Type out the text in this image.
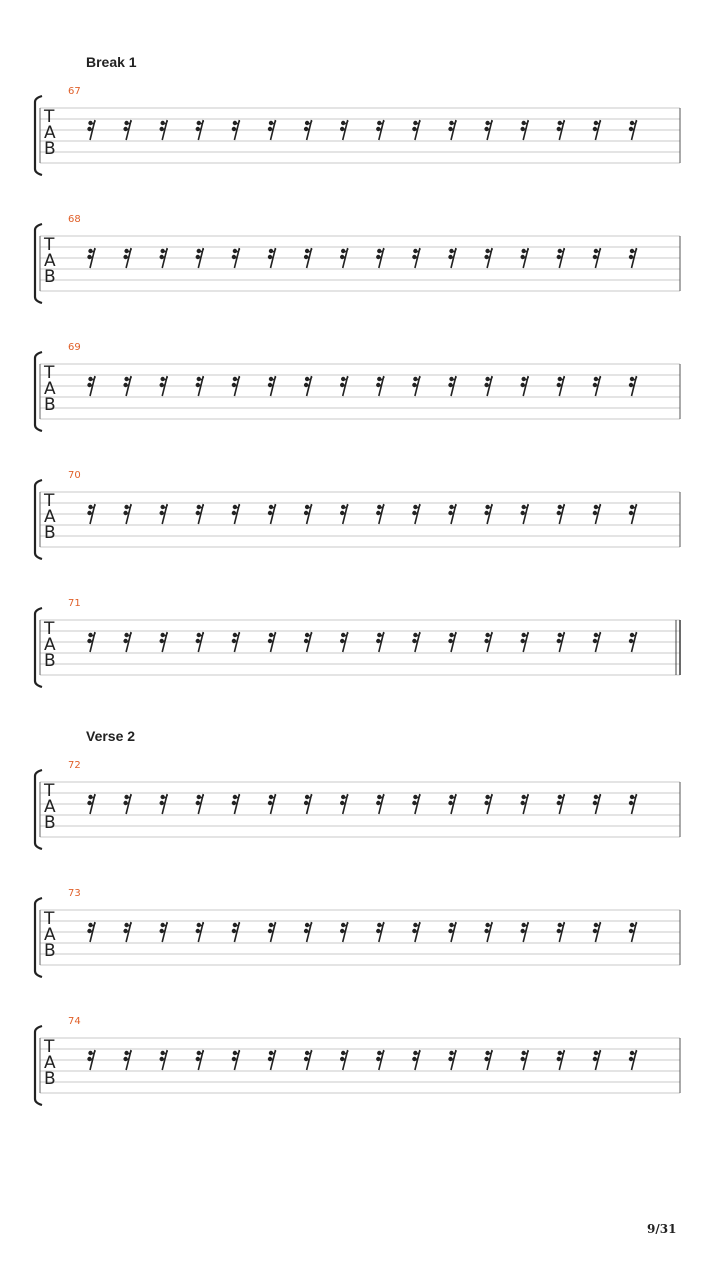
Break 1
Verse 2
67
T
A
B
68
T
A
B
69
T
A
B
70
T
A
B
71
T
A
B
72
T
A
B
73
T
A
B
74
T
A
B
9/31
